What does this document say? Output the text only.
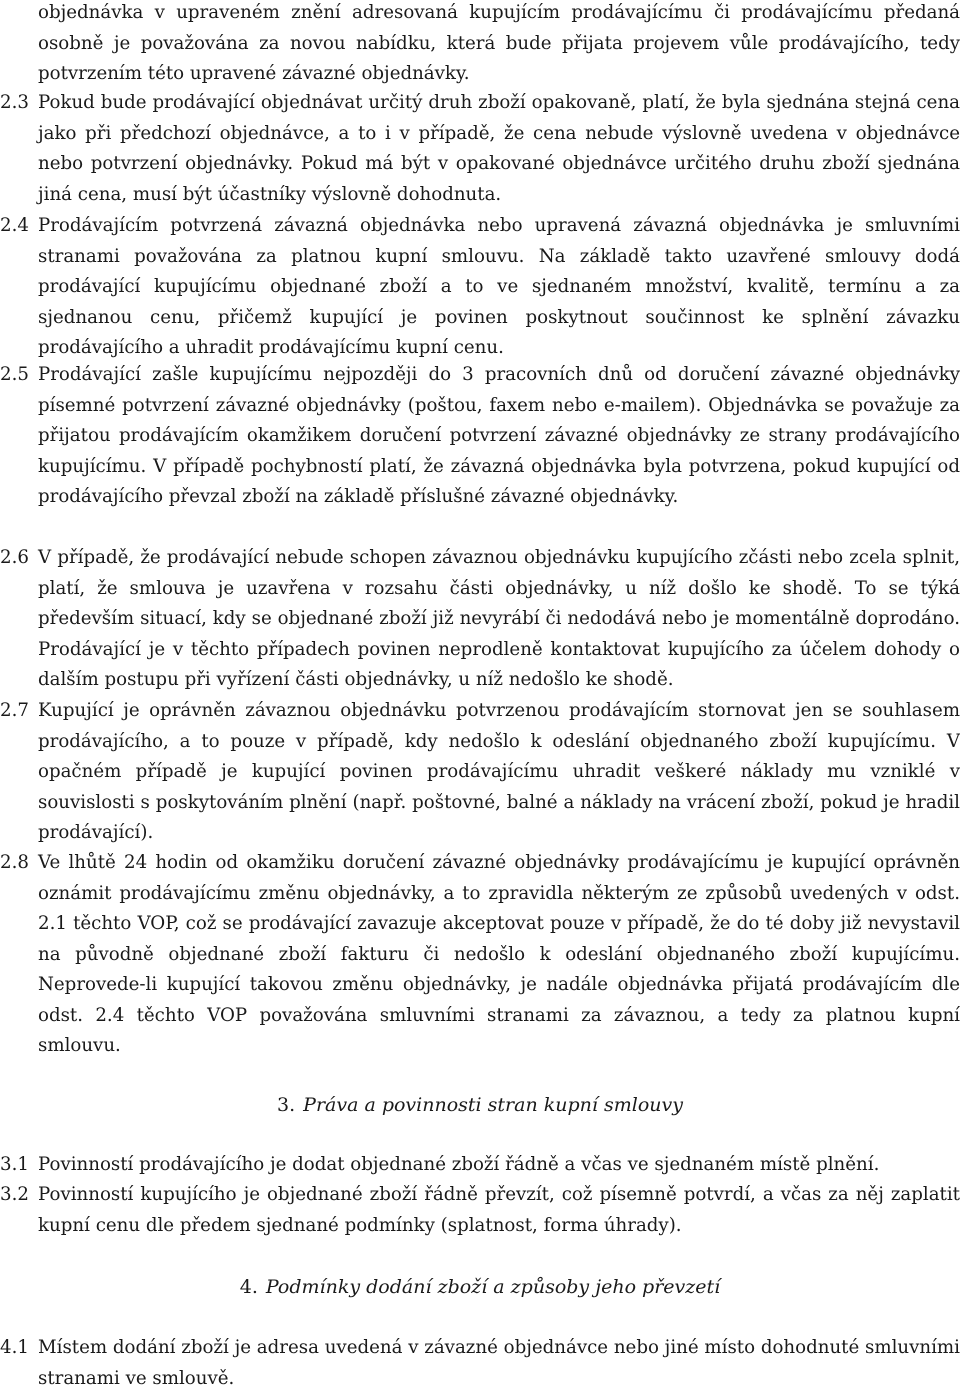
objednávka v upraveném znění adresovaná kupujícím prodávajícímu či prodávajícímu předaná osobně je považována za novou nabídku, která bude přijata projevem vůle prodávajícího, tedy potvrzením této upravené závazné objednávky.

2.3 Pokud bude prodávající objednávat určitý druh zboží opakovaně, platí, že byla sjednána stejná cena jako při předchozí objednávce, a to i v případě, že cena nebude výslovně uvedena v objednávce nebo potvrzení objednávky. Pokud má být v opakované objednávce určitého druhu zboží sjednána jiná cena, musí být účastníky výslovně dohodnuta.
2.4 Prodávajícím potvrzená závazná objednávka nebo upravená závazná objednávka je smluvními stranami považována za platnou kupní smlouvu. Na základě takto uzavřené smlouvy dodá prodávající kupujícímu objednané zboží a to ve sjednaném množství, kvalitě, termínu a za sjednanou cenu, přičemž kupující je povinen poskytnout součinnost ke splnění závazku prodávajícího a uhradit prodávajícímu kupní cenu.
2.5 Prodávající zašle kupujícímu nejpozději do 3 pracovních dnů od doručení závazné objednávky písemné potvrzení závazné objednávky (poštou, faxem nebo e-mailem). Objednávka se považuje za přijatou prodávajícím okamžikem doručení potvrzení závazné objednávky ze strany prodávajícího kupujícímu. V případě pochybností platí, že závazná objednávka byla potvrzena, pokud kupující od prodávajícího převzal zboží na základě příslušné závazné objednávky.
2.6 V případě, že prodávající nebude schopen závaznou objednávku kupujícího zčásti nebo zcela splnit, platí, že smlouva je uzavřena v rozsahu části objednávky, u níž došlo ke shodě. To se týká především situací, kdy se objednané zboží již nevyrábí či nedodává nebo je momentálně doprodáno. Prodávající je v těchto případech povinen neprodleně kontaktovat kupujícího za účelem dohody o dalším postupu při vyřízení části objednávky, u níž nedošlo ke shodě.
2.7 Kupující je oprávněn závaznou objednávku potvrzenou prodávajícím stornovat jen se souhlasem prodávajícího, a to pouze v případě, kdy nedošlo k odeslání objednaného zboží kupujícímu. V opačném případě je kupující povinen prodávajícímu uhradit veškeré náklady mu vzniklé v souvislosti s poskytováním plnění (např. poštovné, balné a náklady na vrácení zboží, pokud je hradil prodávající).
2.8 Ve lhůtě 24 hodin od okamžiku doručení závazné objednávky prodávajícímu je kupující oprávněn oznámit prodávajícímu změnu objednávky, a to zpravidla některým ze způsobů uvedených v odst. 2.1 těchto VOP, což se prodávající zavazuje akceptovat pouze v případě, že do té doby již nevystavil na původně objednané zboží fakturu či nedošlo k odeslání objednaného zboží kupujícímu. Neprovede-li kupující takovou změnu objednávky, je nadále objednávka přijatá prodávajícím dle odst. 2.4 těchto VOP považována smluvními stranami za závaznou, a tedy za platnou kupní smlouvu.
3. Práva a povinnosti stran kupní smlouvy
3.1 Povinností prodávajícího je dodat objednané zboží řádně a včas ve sjednaném místě plnění.
3.2 Povinností kupujícího je objednané zboží řádně převzít, což písemně potvrdí, a včas za něj zaplatit kupní cenu dle předem sjednané podmínky (splatnost, forma úhrady).
4. Podmínky dodání zboží a způsoby jeho převzetí
4.1 Místem dodání zboží je adresa uvedená v závazné objednávce nebo jiné místo dohodnuté smluvními stranami ve smlouvě.
